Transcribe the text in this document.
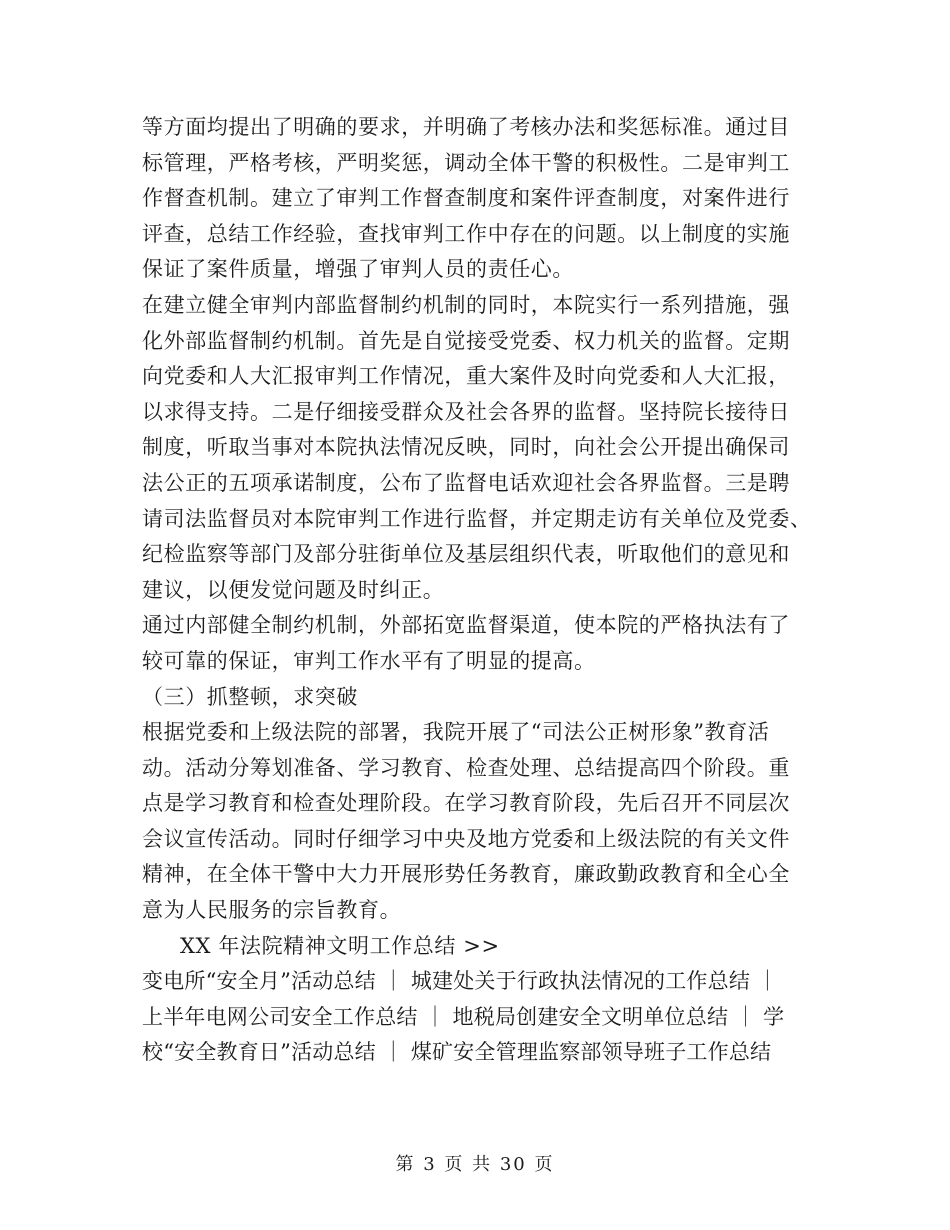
等方面均提出了明确的要求，并明确了考核办法和奖惩标准。通过目
标管理，严格考核，严明奖惩，调动全体干警的积极性。二是审判工
作督查机制。建立了审判工作督查制度和案件评查制度，对案件进行
评查，总结工作经验，查找审判工作中存在的问题。以上制度的实施
保证了案件质量，增强了审判人员的责任心。
在建立健全审判内部监督制约机制的同时，本院实行一系列措施，强
化外部监督制约机制。首先是自觉接受党委、权力机关的监督。定期
向党委和人大汇报审判工作情况，重大案件及时向党委和人大汇报，
以求得支持。二是仔细接受群众及社会各界的监督。坚持院长接待日
制度，听取当事对本院执法情况反映，同时，向社会公开提出确保司
法公正的五项承诺制度，公布了监督电话欢迎社会各界监督。三是聘
请司法监督员对本院审判工作进行监督，并定期走访有关单位及党委、
纪检监察等部门及部分驻街单位及基层组织代表，听取他们的意见和
建议，以便发觉问题及时纠正。
通过内部健全制约机制，外部拓宽监督渠道，使本院的严格执法有了
较可靠的保证，审判工作水平有了明显的提高。
（三）抓整顿，求突破
根据党委和上级法院的部署，我院开展了“司法公正树形象”教育活
动。活动分筹划准备、学习教育、检查处理、总结提高四个阶段。重
点是学习教育和检查处理阶段。在学习教育阶段，先后召开不同层次
会议宣传活动。同时仔细学习中央及地方党委和上级法院的有关文件
精神，在全体干警中大力开展形势任务教育，廉政勤政教育和全心全
意为人民服务的宗旨教育。
XX 年法院精神文明工作总结 >>
变电所“安全月”活动总结 ｜ 城建处关于行政执法情况的工作总结 ｜
上半年电网公司安全工作总结 ｜ 地税局创建安全文明单位总结 ｜ 学
校“安全教育日”活动总结 ｜ 煤矿安全管理监察部领导班子工作总结
第 3 页 共 30 页
